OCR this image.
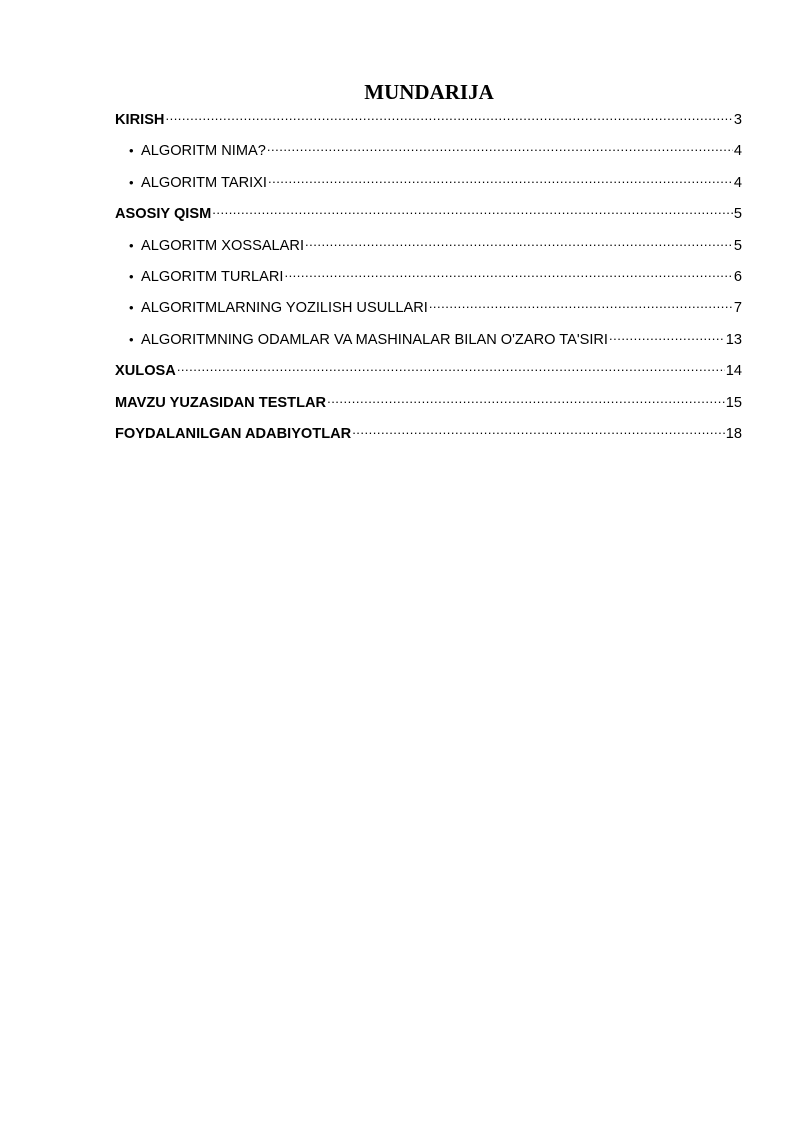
MUNDARIJA
KIRISH .....	3
• ALGORITM NIMA? .....	4
• ALGORITM TARIXI .....	4
ASOSIY QISM .....	5
• ALGORITM XOSSALARI .....	5
• ALGORITM TURLARI .....	6
• ALGORITMLARNING YOZILISH USULLARI .....	7
• ALGORITMNING ODAMLAR VA MASHINALAR BILAN O'ZARO TA'SIRI .....	13
XULOSA .....	14
MAVZU YUZASIDAN TESTLAR .....	15
FOYDALANILGAN ADABIYOTLAR .....	18
